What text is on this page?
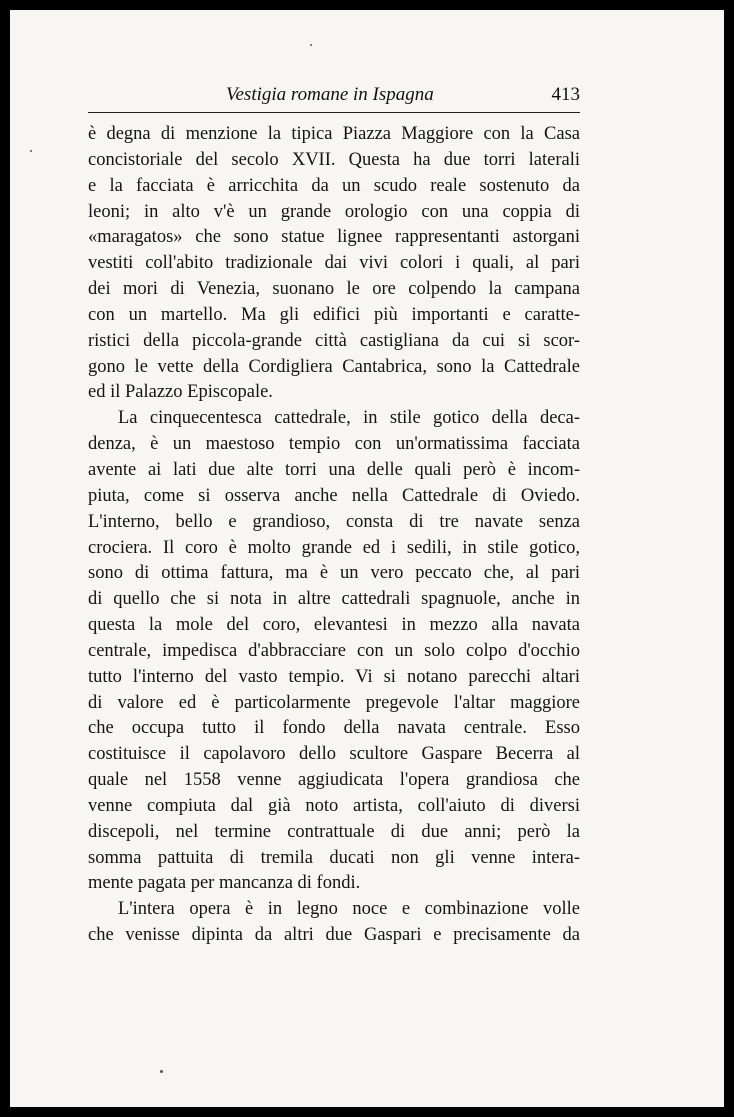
Vestigia romane in Ispagna	413
è degna di menzione la tipica Piazza Maggiore con la Casa
concistoriale del secolo XVII. Questa ha due torri laterali
e la facciata è arricchita da un scudo reale sostenuto da
leoni; in alto v'è un grande orologio con una coppia di
«maragatos» che sono statue lignee rappresentanti astorgani
vestiti coll'abito tradizionale dai vivi colori i quali, al pari
dei mori di Venezia, suonano le ore colpendo la campana
con un martello. Ma gli edifici più importanti e caratte-
ristici della piccola-grande città castigliana da cui si scor-
gono le vette della Cordigliera Cantabrica, sono la Cattedrale
ed il Palazzo Episcopale.
La cinquecentesca cattedrale, in stile gotico della deca-
denza, è un maestoso tempio con un'ormatissima facciata
avente ai lati due alte torri una delle quali però è incom-
piuta, come si osserva anche nella Cattedrale di Oviedo.
L'interno, bello e grandioso, consta di tre navate senza
crociera. Il coro è molto grande ed i sedili, in stile gotico,
sono di ottima fattura, ma è un vero peccato che, al pari
di quello che si nota in altre cattedrali spagnuole, anche in
questa la mole del coro, elevantesi in mezzo alla navata
centrale, impedisca d'abbracciare con un solo colpo d'occhio
tutto l'interno del vasto tempio. Vi si notano parecchi altari
di valore ed è particolarmente pregevole l'altar maggiore
che occupa tutto il fondo della navata centrale. Esso
costituisce il capolavoro dello scultore Gaspare Becerra al
quale nel 1558 venne aggiudicata l'opera grandiosa che
venne compiuta dal già noto artista, coll'aiuto di diversi
discepoli, nel termine contrattuale di due anni; però la
somma pattuita di tremila ducati non gli venne intera-
mente pagata per mancanza di fondi.
L'intera opera è in legno noce e combinazione volle
che venisse dipinta da altri due Gaspari e precisamente da
